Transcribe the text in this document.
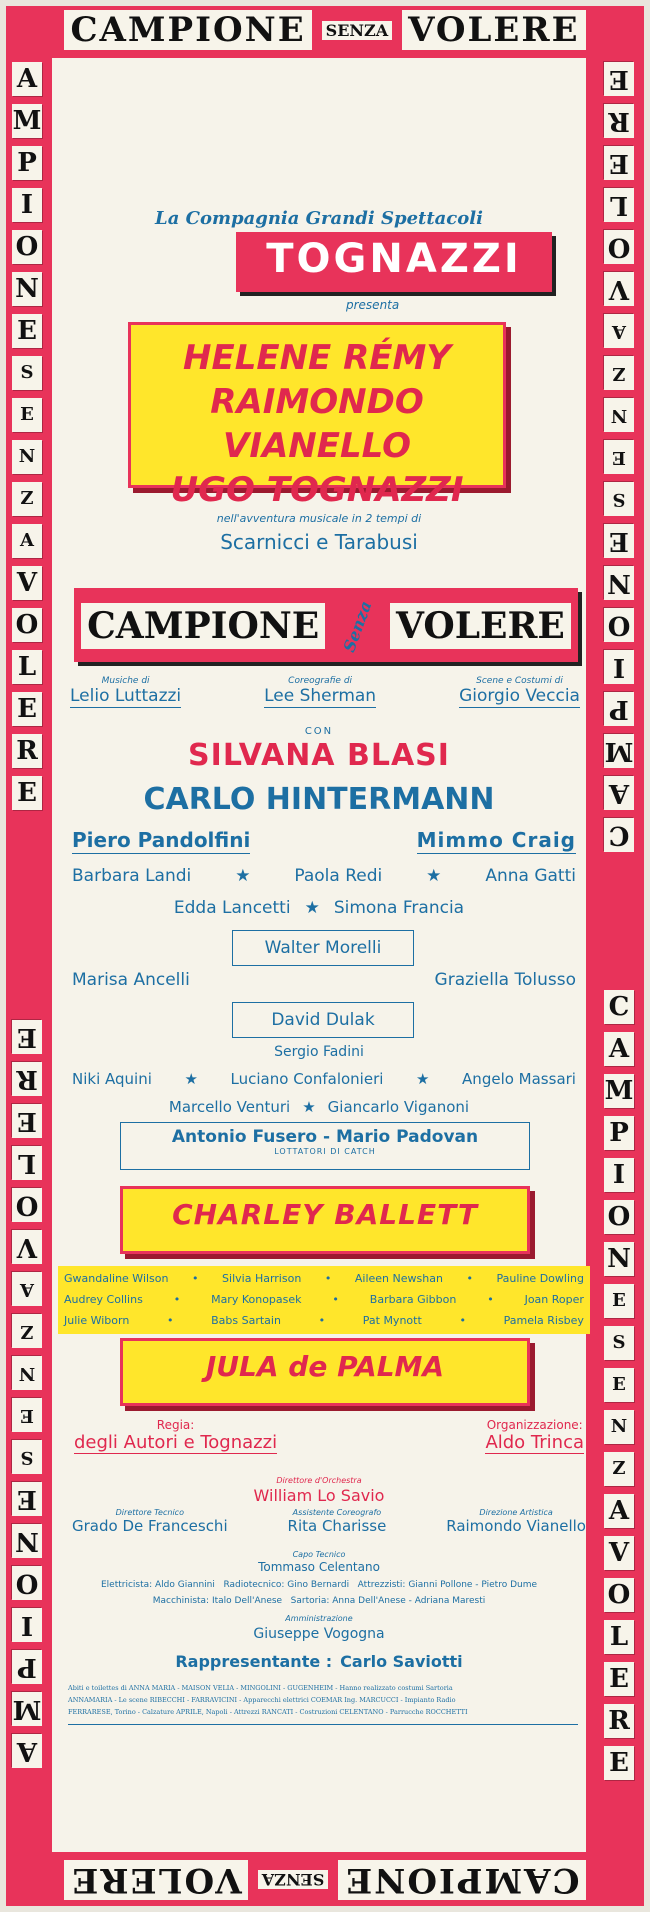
CAMPIONE	SENZA VOLERE
A
M
P
I
O
N
E
S
E
N
Z
A
V
O
L
E
R
E
E
R
E
L
O
V
A
Z
N
E
S
E
N
O
I
P
M
A
E
R
E
L
O
V
A
Z
N
E
S
E
N
O
I
P
M
A
C
C
A
M
P
I
O
N
E
S
E
N
Z
A
V
O
L
E
R
E
CAMPIONE
SENZA
VOLERE
La Compagnia Grandi Spettacoli
TOGNAZZI
presenta
HELENE RÉMY
RAIMONDO VIANELLO
UGO TOGNAZZI
nell'avventura musicale in 2 tempi di
Scarnicci e Tarabusi
CAMPIONE	Senza VOLERE
Musiche di
Lelio Luttazzi
Coreografie di
Lee Sherman
Scene e Costumi di
Giorgio Veccia
CON
SILVANA BLASI
CARLO HINTERMANN
Piero Pandolfini	Mimmo Craig
Barbara Landi	★	Paola Redi	★	Anna Gatti
Edda Lancetti ★ Simona Francia
Walter Morelli
Marisa Ancelli	Graziella Tolusso
David Dulak
Sergio Fadini
Niki Aquini ★ Luciano Confalonieri ★ Angelo Massari
Marcello Venturi ★ Giancarlo Viganoni
Antonio Fusero - Mario Padovan
LOTTATORI DI CATCH
CHARLEY BALLETT
Gwandaline Wilson • Silvia Harrison • Aileen Newshan • Pauline Dowling
Audrey Collins	•	Mary Konopasek	•	Barbara Gibbon	•	Joan Roper
Julie Wiborn	•	Babs Sartain	•	Pat Mynott	•	Pamela Risbey
JULA de PALMA
Regia:
degli Autori e Tognazzi
Organizzazione:
Aldo Trinca
Direttore d'Orchestra
William Lo Savio
Direttore Tecnico
Grado De Franceschi
Assistente Coreografo
Rita Charisse
Direzione Artistica
Raimondo Vianello
Capo Tecnico
Tommaso Celentano
Elettricista: Aldo Giannini   Radiotecnico: Gino Bernardi   Attrezzisti: Gianni Pollone - Pietro Dume
Macchinista: Italo Dell'Anese   Sartoria: Anna Dell'Anese - Adriana Maresti
Amministrazione
Giuseppe Vogogna
Rappresentante : Carlo Saviotti
Abiti e toilettes di ANNA MARIA - MAISON VELIA - MINGOLINI - GUGENHEIM - Hanno realizzato costumi Sartoria
ANNAMARIA - Le scene RIBECCHI - FARRAVICINI - Apparecchi elettrici COEMAR Ing. MARCUCCI - Impianto Radio
FERRARESE, Torino - Calzature APRILE, Napoli - Attrezzi RANCATI - Costruzioni CELENTANO - Parrucche ROCCHETTI
